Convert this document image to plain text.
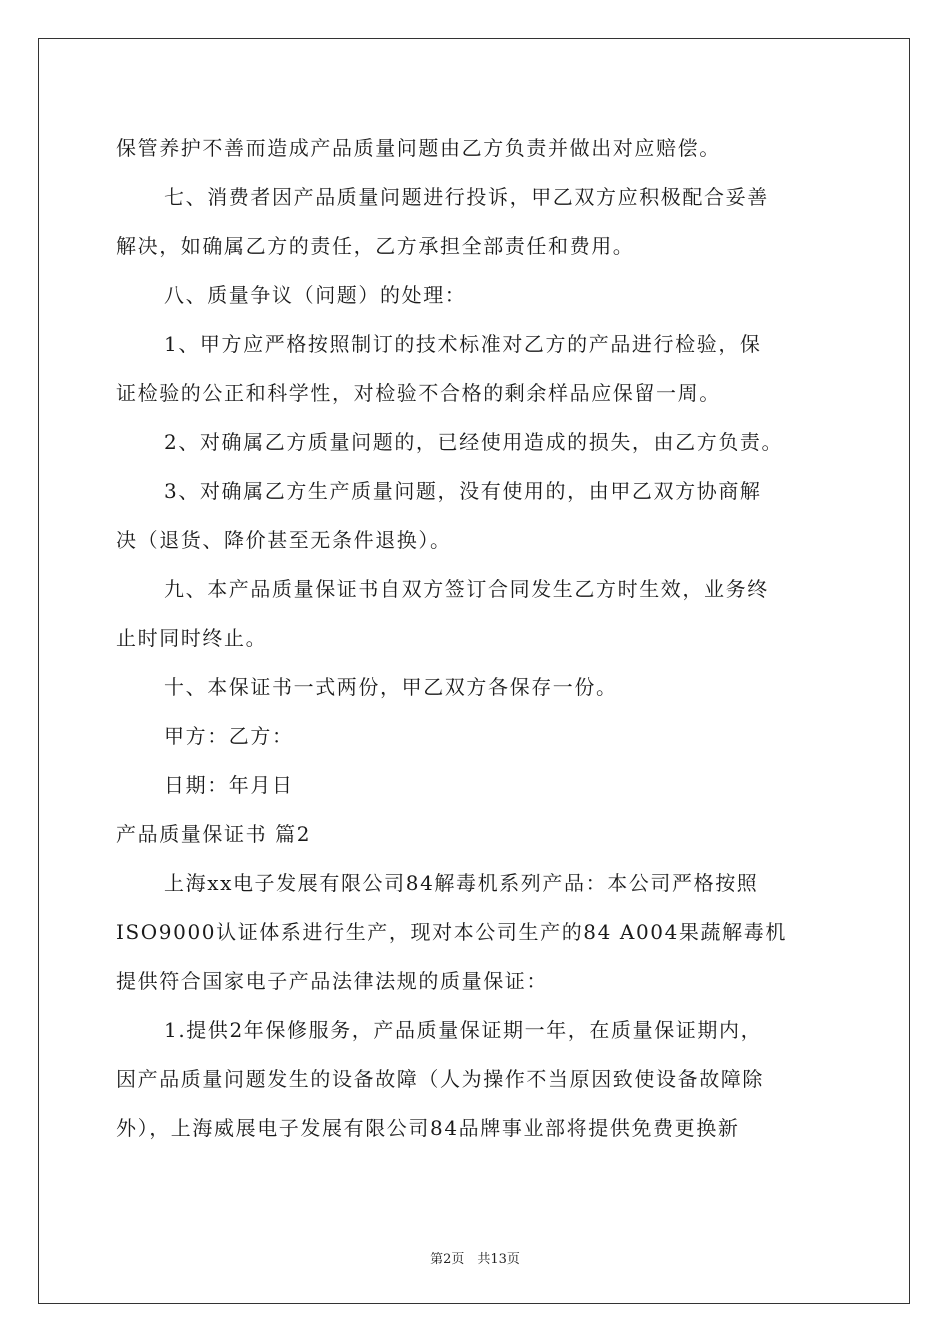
保管养护不善而造成产品质量问题由乙方负责并做出对应赔偿。
七、消费者因产品质量问题进行投诉，甲乙双方应积极配合妥善
解决，如确属乙方的责任，乙方承担全部责任和费用。
八、质量争议（问题）的处理：
1、甲方应严格按照制订的技术标准对乙方的产品进行检验，保
证检验的公正和科学性，对检验不合格的剩余样品应保留一周。
2、对确属乙方质量问题的，已经使用造成的损失，由乙方负责。
3、对确属乙方生产质量问题，没有使用的，由甲乙双方协商解
决（退货、降价甚至无条件退换）。
九、本产品质量保证书自双方签订合同发生乙方时生效，业务终
止时同时终止。
十、本保证书一式两份，甲乙双方各保存一份。
甲方：乙方：
日期：年月日
产品质量保证书 篇2
上海xx电子发展有限公司84解毒机系列产品：本公司严格按照
ISO9000认证体系进行生产，现对本公司生产的84 A004果蔬解毒机
提供符合国家电子产品法律法规的质量保证：
1.提供2年保修服务，产品质量保证期一年，在质量保证期内，
因产品质量问题发生的设备故障（人为操作不当原因致使设备故障除
外），上海威展电子发展有限公司84品牌事业部将提供免费更换新
第2页　共13页
